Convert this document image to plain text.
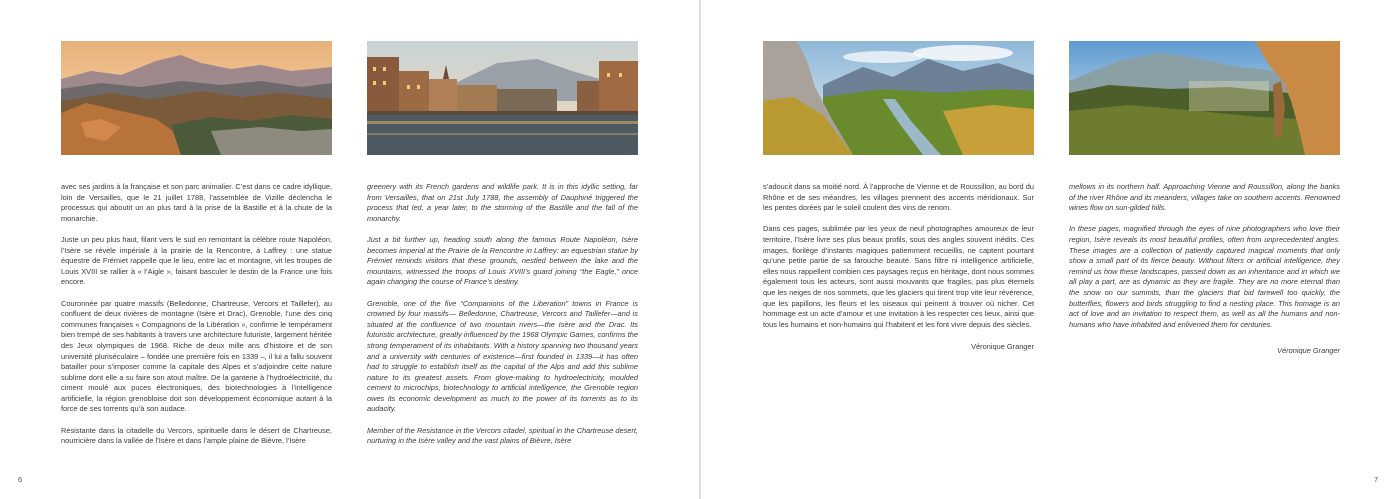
avec ses jardins à la française et son parc animalier. C’est dans ce cadre idyllique, loin de Versailles, que le 21 juillet 1788, l’assemblée de Vizille déclencha le processus qui aboutit un an plus tard à la prise de la Bastille et à la chute de la monarchie.

Juste un peu plus haut, filant vers le sud en remontant la célèbre route Napoléon, l’Isère se révèle impériale à la prairie de la Rencontre, à Laffrey : une statue équestre de Frémiet rappelle que le lieu, entre lac et montagne, vit les troupes de Louis XVIII se rallier à « l’Aigle », faisant basculer le destin de la France une fois encore.

Couronnée par quatre massifs (Belledonne, Chartreuse, Vercors et Taillefer), au confluent de deux rivières de montagne (Isère et Drac), Grenoble, l’une des cinq communes françaises « Compagnons de la Libération », confirme le tempérament bien trempé de ses habitants à travers une architecture futuriste, largement héritée des Jeux olympiques de 1968. Riche de deux mille ans d’histoire et de son université pluriséculaire – fondée une première fois en 1339 –, il lui a fallu souvent batailler pour s’imposer comme la capitale des Alpes et s’adjoindre cette nature sublime dont elle a su faire son atout maître. De la ganterie à l’hydroélectricité, du ciment moulé aux puces électroniques, des biotechnologies à l’intelligence artificielle, la région grenobloise doit son développement économique autant à la force de ses torrents qu’à son audace.

Résistante dans la citadelle du Vercors, spirituelle dans le désert de Chartreuse, nourricière dans la vallée de l’Isère et dans l’ample plaine de Bièvre, l’Isère

greenery with its French gardens and wildlife park. It is in this idyllic setting, far from Versailles, that on 21st July 1788, the assembly of Dauphiné triggered the process that led, a year later, to the storming of the Bastille and the fall of the monarchy.

Just a bit further up, heading south along the famous Route Napoléon, Isère becomes imperial at the Prairie de la Rencontre in Laffrey: an equestrian statue by Frémiet reminds visitors that these grounds, nestled between the lake and the mountains, witnessed the troops of Louis XVIII’s guard joining “the Eagle,” once again changing the course of France’s destiny.

Grenoble, one of the five “Companions of the Liberation” towns in France is crowned by four massifs— Belledonne, Chartreuse, Vercors and Taillefer—and is situated at the confluence of two mountain rivers—the Isère and the Drac. Its futuristic architecture, greatly influenced by the 1968 Olympic Games, confirms the strong temperament of its inhabitants. With a history spanning two thousand years and a university with centuries of existence—first founded in 1339—it has often had to struggle to establish itself as the capital of the Alps and add this sublime nature to its greatest assets. From glove-making to hydroelectricity, moulded cement to microchips, biotechnology to artificial intelligence, the Grenoble region owes its economic development as much to the power of its torrents as to its audacity.

Member of the Resistance in the Vercors citadel, spiritual in the Chartreuse desert, nurturing in the Isère valley and the vast plains of Bièvre, Isère

6

s’adoucit dans sa moitié nord. À l’approche de Vienne et de Roussillon, au bord du Rhône et de ses méandres, les villages prennent des accents méridionaux. Sur les pentes dorées par le soleil coulent des vins de renom.

Dans ces pages, sublimée par les yeux de neuf photographes amoureux de leur territoire, l’Isère livre ses plus beaux profils, sous des angles souvent inédits. Ces images, florilège d’instants magiques patiemment recueillis, ne captent pourtant qu’une petite partie de sa farouche beauté. Sans filtre ni intelligence artificielle, elles nous rappellent combien ces paysages reçus en héritage, dont nous sommes également tous les acteurs, sont aussi mouvants que fragiles, pas plus éternels que les neiges de nos sommets, que les glaciers qui tirent trop vite leur révérence, que les papillons, les fleurs et les oiseaux qui peinent à trouver où nicher. Cet hommage est un acte d’amour et une invitation à les respecter ces lieux, ainsi que tous les humains et non-humains qui l’habitent et les font vivre depuis des siècles.

Véronique Granger

mellows in its northern half. Approaching Vienne and Roussillon, along the banks of the river Rhône and its meanders, villages take on southern accents. Renowned wines flow on sun-gilded hills.

In these pages, magnified through the eyes of nine photographers who love their region, Isère reveals its most beautiful profiles, often from unprecedented angles. These images are a collection of patiently captured magical moments that only show a small part of its fierce beauty. Without filters or artificial intelligence, they remind us how these landscapes, passed down as an inheritance and in which we all play a part, are as dynamic as they are fragile. They are no more eternal than the snow on our summits, than the glaciers that bid farewell too quickly, the butterflies, flowers and birds struggling to find a nesting place. This homage is an act of love and an invitation to respect them, as well as all the humans and non-humans who have inhabited and enlivened them for centuries.

Véronique Granger
7
